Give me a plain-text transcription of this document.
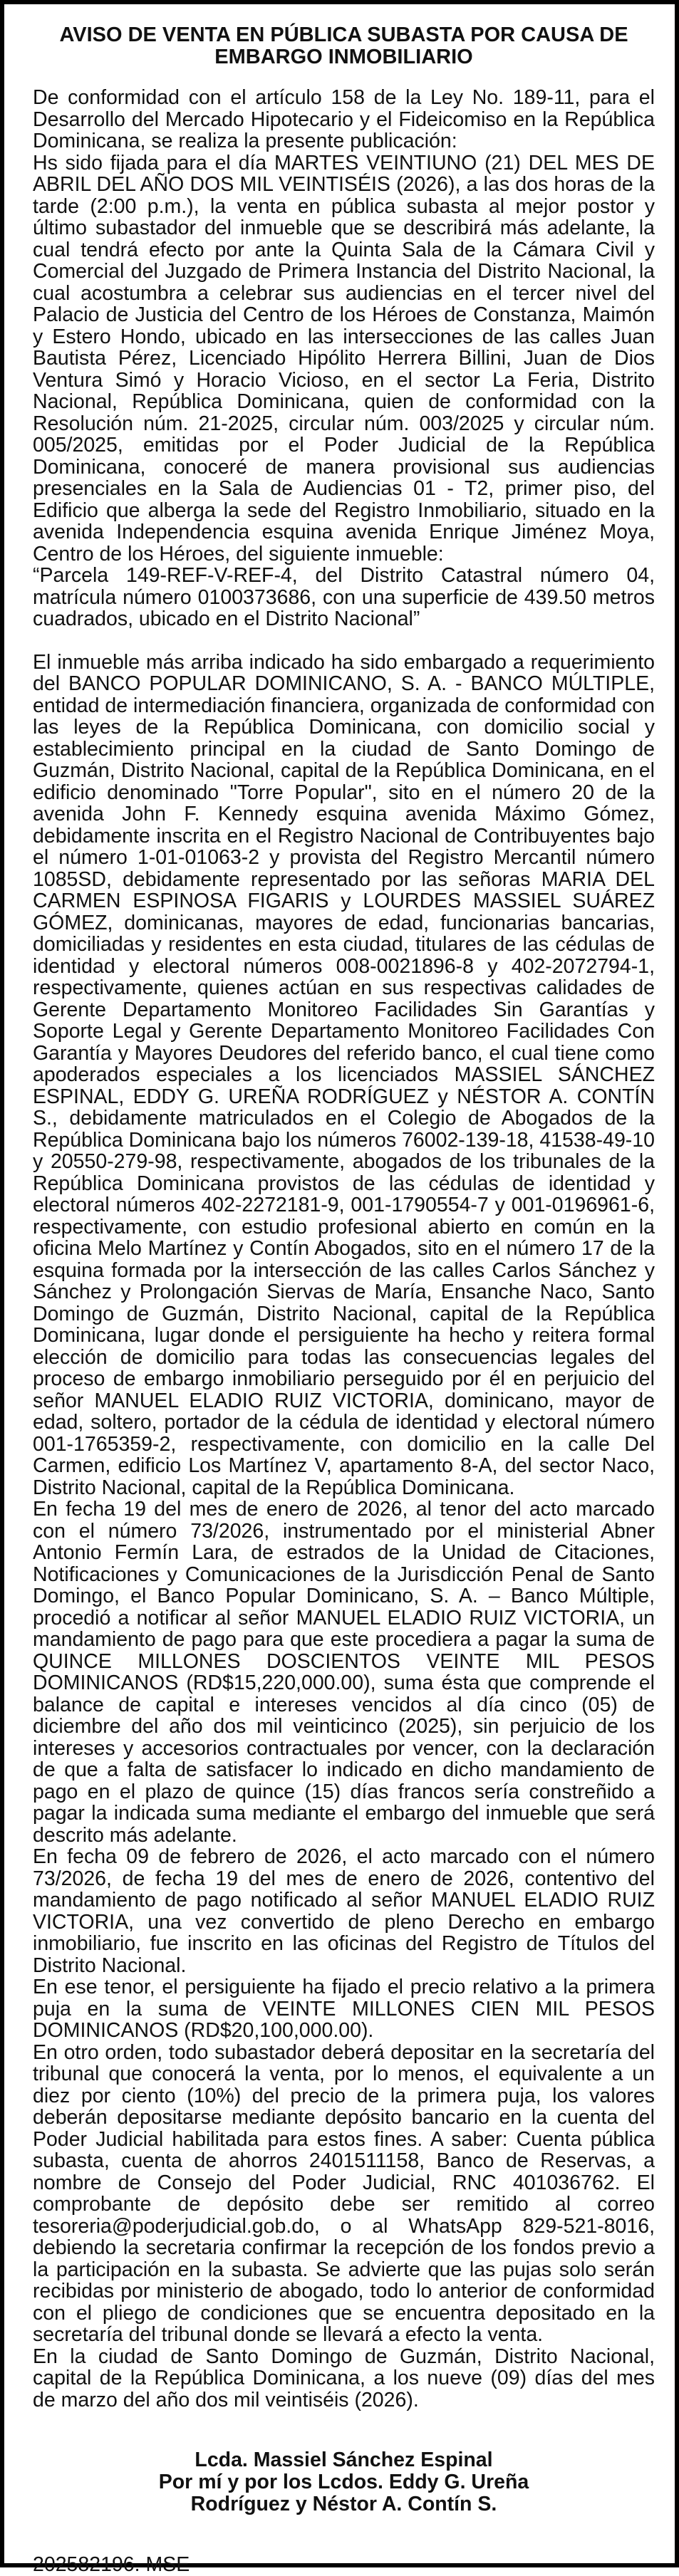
AVISO DE VENTA EN PÚBLICA SUBASTA POR CAUSA DE
EMBARGO INMOBILIARIO

De conformidad con el artículo 158 de la Ley No. 189-11, para el Desarrollo del Mercado Hipotecario y el Fideicomiso en la República Dominicana, se realiza la presente publicación:

Hs sido fijada para el día MARTES VEINTIUNO (21) DEL MES DE ABRIL DEL AÑO DOS MIL VEINTISÉIS (2026), a las dos horas de la tarde (2:00 p.m.), la venta en pública subasta al mejor postor y último subastador del inmueble que se describirá más adelante, la cual tendrá efecto por ante la Quinta Sala de la Cámara Civil y Comercial del Juzgado de Primera Instancia del Distrito Nacional, la cual acostumbra a celebrar sus audiencias en el tercer nivel del Palacio de Justicia del Centro de los Héroes de Constanza, Maimón y Estero Hondo, ubicado en las intersecciones de las calles Juan Bautista Pérez, Licenciado Hipólito Herrera Billini, Juan de Dios Ventura Simó y Horacio Vicioso, en el sector La Feria, Distrito Nacional, República Dominicana, quien de conformidad con la Resolución núm. 21-2025, circular núm. 003/2025 y circular núm. 005/2025, emitidas por el Poder Judicial de la República Dominicana, conoceré de manera provisional sus audiencias presenciales en la Sala de Audiencias 01 - T2, primer piso, del Edificio que alberga la sede del Registro Inmobiliario, situado en la avenida Independencia esquina avenida Enrique Jiménez Moya, Centro de los Héroes, del siguiente inmueble:

“Parcela 149-REF-V-REF-4, del Distrito Catastral número 04, matrícula número 0100373686, con una superficie de 439.50 metros cuadrados, ubicado en el Distrito Nacional”

El inmueble más arriba indicado ha sido embargado a requerimiento del BANCO POPULAR DOMINICANO, S. A. - BANCO MÚLTIPLE, entidad de intermediación financiera, organizada de conformidad con las leyes de la República Dominicana, con domicilio social y establecimiento principal en la ciudad de Santo Domingo de Guzmán, Distrito Nacional, capital de la República Dominicana, en el edificio denominado "Torre Popular", sito en el número 20 de la avenida John F. Kennedy esquina avenida Máximo Gómez, debidamente inscrita en el Registro Nacional de Contribuyentes bajo el número 1-01-01063-2 y provista del Registro Mercantil número 1085SD, debidamente representado por las señoras MARIA DEL CARMEN ESPINOSA FIGARIS y LOURDES MASSIEL SUÁREZ GÓMEZ, dominicanas, mayores de edad, funcionarias bancarias, domiciliadas y residentes en esta ciudad, titulares de las cédulas de identidad y electoral números 008-0021896-8 y 402-2072794-1, respectivamente, quienes actúan en sus respectivas calidades de Gerente Departamento Monitoreo Facilidades Sin Garantías y Soporte Legal y Gerente Departamento Monitoreo Facilidades Con Garantía y Mayores Deudores del referido banco, el cual tiene como apoderados especiales a los licenciados MASSIEL SÁNCHEZ ESPINAL, EDDY G. UREÑA RODRÍGUEZ y NÉSTOR A. CONTÍN S., debidamente matriculados en el Colegio de Abogados de la República Dominicana bajo los números 76002-139-18, 41538-49-10 y 20550-279-98, respectivamente, abogados de los tribunales de la República Dominicana provistos de las cédulas de identidad y electoral números 402-2272181-9, 001-1790554-7 y 001-0196961-6, respectivamente, con estudio profesional abierto en común en la oficina Melo Martínez y Contín Abogados, sito en el número 17 de la esquina formada por la intersección de las calles Carlos Sánchez y Sánchez y Prolongación Siervas de María, Ensanche Naco, Santo Domingo de Guzmán, Distrito Nacional, capital de la República Dominicana, lugar donde el persiguiente ha hecho y reitera formal elección de domicilio para todas las consecuencias legales del proceso de embargo inmobiliario perseguido por él en perjuicio del señor MANUEL ELADIO RUIZ VICTORIA, dominicano, mayor de edad, soltero, portador de la cédula de identidad y electoral número 001-1765359-2, respectivamente, con domicilio en la calle Del Carmen, edificio Los Martínez V, apartamento 8-A, del sector Naco, Distrito Nacional, capital de la República Dominicana.

En fecha 19 del mes de enero de 2026, al tenor del acto marcado con el número 73/2026, instrumentado por el ministerial Abner Antonio Fermín Lara, de estrados de la Unidad de Citaciones, Notificaciones y Comunicaciones de la Jurisdicción Penal de Santo Domingo, el Banco Popular Dominicano, S. A. – Banco Múltiple, procedió a notificar al señor MANUEL ELADIO RUIZ VICTORIA, un mandamiento de pago para que este procediera a pagar la suma de QUINCE MILLONES DOSCIENTOS VEINTE MIL PESOS DOMINICANOS (RD$15,220,000.00), suma ésta que comprende el balance de capital e intereses vencidos al día cinco (05) de diciembre del año dos mil veinticinco (2025), sin perjuicio de los intereses y accesorios contractuales por vencer, con la declaración de que a falta de satisfacer lo indicado en dicho mandamiento de pago en el plazo de quince (15) días francos sería constreñido a pagar la indicada suma mediante el embargo del inmueble que será descrito más adelante.

En fecha 09 de febrero de 2026, el acto marcado con el número 73/2026, de fecha 19 del mes de enero de 2026, contentivo del mandamiento de pago notificado al señor MANUEL ELADIO RUIZ VICTORIA, una vez convertido de pleno Derecho en embargo inmobiliario, fue inscrito en las oficinas del Registro de Títulos del Distrito Nacional.

En ese tenor, el persiguiente ha fijado el precio relativo a la primera puja en la suma de VEINTE MILLONES CIEN MIL PESOS DOMINICANOS (RD$20,100,000.00).

En otro orden, todo subastador deberá depositar en la secretaría del tribunal que conocerá la venta, por lo menos, el equivalente a un diez por ciento (10%) del precio de la primera puja, los valores deberán depositarse mediante depósito bancario en la cuenta del Poder Judicial habilitada para estos fines. A saber: Cuenta pública subasta, cuenta de ahorros 2401511158, Banco de Reservas, a nombre de Consejo del Poder Judicial, RNC 401036762. El comprobante de depósito debe ser remitido al correo tesoreria@poderjudicial.gob.do, o al WhatsApp 829-521-8016, debiendo la secretaria confirmar la recepción de los fondos previo a la participación en la subasta. Se advierte que las pujas solo serán recibidas por ministerio de abogado, todo lo anterior de conformidad con el pliego de condiciones que se encuentra depositado en la secretaría del tribunal donde se llevará a efecto la venta.

En la ciudad de Santo Domingo de Guzmán, Distrito Nacional, capital de la República Dominicana, a los nueve (09) días del mes de marzo del año dos mil veintiséis (2026).

Lcda. Massiel Sánchez Espinal
Por mí y por los Lcdos. Eddy G. Ureña
Rodríguez y Néstor A. Contín S.
202582196. MSE
